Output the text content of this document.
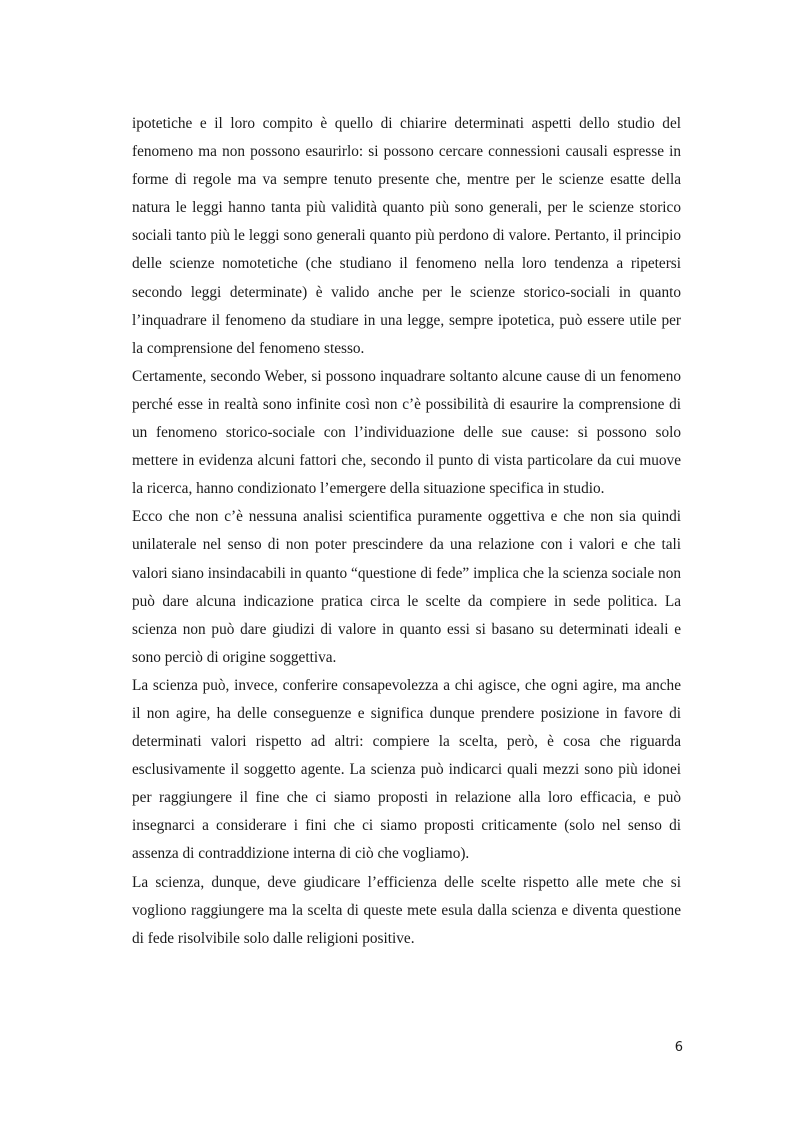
ipotetiche e il loro compito è quello di chiarire determinati aspetti dello studio del fenomeno ma non possono esaurirlo: si possono cercare connessioni causali espresse in forme di regole ma va sempre tenuto presente che, mentre per le scienze esatte della natura le leggi hanno tanta più validità quanto più sono generali, per le scienze storico sociali tanto più le leggi sono generali quanto più perdono di valore. Pertanto, il principio delle scienze nomotetiche (che studiano il fenomeno nella loro tendenza a ripetersi secondo leggi determinate) è valido anche per le scienze storico-sociali in quanto l’inquadrare il fenomeno da studiare in una legge, sempre ipotetica, può essere utile per la comprensione del fenomeno stesso.

Certamente, secondo Weber, si possono inquadrare soltanto alcune cause di un fenomeno perché esse in realtà sono infinite così non c’è possibilità di esaurire la comprensione di un fenomeno storico-sociale con l’individuazione delle sue cause: si possono solo mettere in evidenza alcuni fattori che, secondo il punto di vista particolare da cui muove la ricerca, hanno condizionato l’emergere della situazione specifica in studio.

Ecco che non c’è nessuna analisi scientifica puramente oggettiva e che non sia quindi unilaterale nel senso di non poter prescindere da una relazione con i valori e che tali valori siano insindacabili in quanto “questione di fede” implica che la scienza sociale non può dare alcuna indicazione pratica circa le scelte da compiere in sede politica. La scienza non può dare giudizi di valore in quanto essi si basano su determinati ideali e sono perciò di origine soggettiva.

La scienza può, invece, conferire consapevolezza a chi agisce, che ogni agire, ma anche il non agire, ha delle conseguenze e significa dunque prendere posizione in favore di determinati valori rispetto ad altri: compiere la scelta, però, è cosa che riguarda esclusivamente il soggetto agente. La scienza può indicarci quali mezzi sono più idonei per raggiungere il fine che ci siamo proposti in relazione alla loro efficacia, e può insegnarci a considerare i fini che ci siamo proposti criticamente (solo nel senso di assenza di contraddizione interna di ciò che vogliamo).

La scienza, dunque, deve giudicare l’efficienza delle scelte rispetto alle mete che si vogliono raggiungere ma la scelta di queste mete esula dalla scienza e diventa questione di fede risolvibile solo dalle religioni positive.

6
